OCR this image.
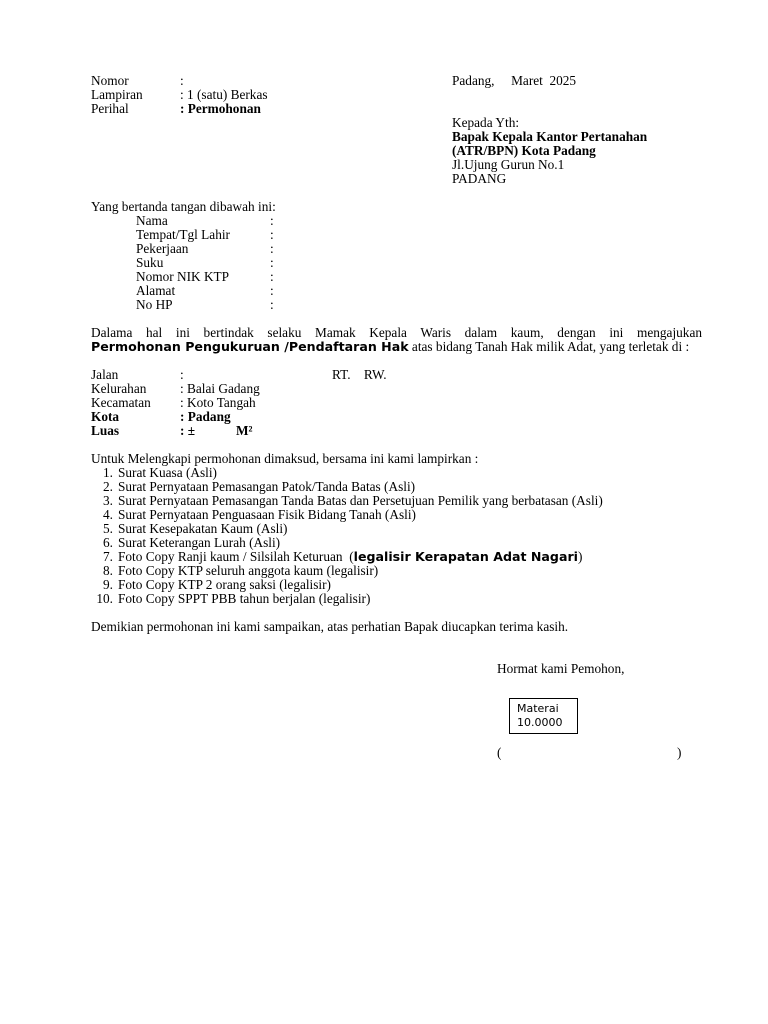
Nomor	:
Lampiran	: 1 (satu) Berkas
Perihal	: Permohonan
Padang,     Maret  2025
Kepada Yth:
Bapak Kepala Kantor Pertanahan
(ATR/BPN) Kota Padang
Jl.Ujung Gurun No.1
PADANG
Yang bertanda tangan dibawah ini:
Nama	:
Tempat/Tgl Lahir	:
Pekerjaan	:
Suku	:
Nomor NIK KTP	:
Alamat	:
No HP	:
Dalama hal ini bertindak selaku Mamak Kepala Waris dalam kaum, dengan ini mengajukan
Permohonan Pengukuruan /Pendaftaran Hak atas bidang Tanah Hak milik Adat, yang terletak di :
Jalan	:	RT.    RW.
Kelurahan	: Balai Gadang
Kecamatan : Koto Tangah
Kota	: Padang
Luas	: ±	M²
Untuk Melengkapi permohonan dimaksud, bersama ini kami lampirkan :
1. Surat Kuasa (Asli)
2. Surat Pernyataan Pemasangan Patok/Tanda Batas (Asli)
3. Surat Pernyataan Pemasangan Tanda Batas dan Persetujuan Pemilik yang berbatasan (Asli)
4. Surat Pernyataan Penguasaan Fisik Bidang Tanah (Asli)
5. Surat Kesepakatan Kaum (Asli)
6. Surat Keterangan Lurah (Asli)
7. Foto Copy Ranji kaum / Silsilah Keturuan  (legalisir Kerapatan Adat Nagari)
8. Foto Copy KTP seluruh anggota kaum (legalisir)
9. Foto Copy KTP 2 orang saksi (legalisir)
10. Foto Copy SPPT PBB tahun berjalan (legalisir)
Demikian permohonan ini kami sampaikan, atas perhatian Bapak diucapkan terima kasih.
Hormat kami Pemohon,
Materai
10.0000
(	)
